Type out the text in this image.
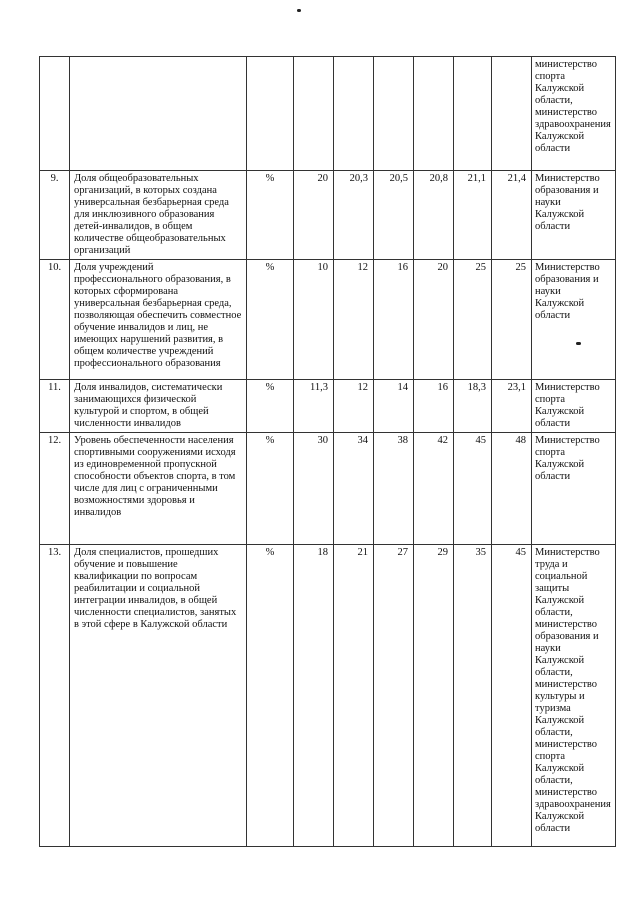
									министерство спорта Калужской области, министерство здравоохранения Калужской области
9.	Доля общеобразовательных организаций, в которых создана универсальная безбарьерная среда для инклюзивного образования детей-инвалидов, в общем количестве общеобразовательных организаций	%	20	20,3	20,5	20,8	21,1	21,4	Министерство образования и науки Калужской области
10.	Доля учреждений профессионального образования, в которых сформирована универсальная безбарьерная среда, позволяющая обеспечить совместное обучение инвалидов и лиц, не имеющих нарушений развития, в общем количестве учреждений профессионального образования	%	10	12	16	20	25	25	Министерство образования и науки Калужской области
11.	Доля инвалидов, систематически занимающихся физической культурой и спортом, в общей численности инвалидов	%	11,3	12	14	16	18,3	23,1	Министерство спорта Калужской области
12.	Уровень обеспеченности населения спортивными сооружениями исходя из единовременной пропускной способности объектов спорта, в том числе для лиц с ограниченными возможностями здоровья и инвалидов	%	30	34	38	42	45	48	Министерство спорта Калужской области
13.	Доля специалистов, прошедших обучение и повышение квалификации по вопросам реабилитации и социальной интеграции инвалидов, в общей численности специалистов, занятых в этой сфере в Калужской области	%	18	21	27	29	35	45	Министерство труда и социальной защиты Калужской области, министерство образования и науки Калужской области, министерство культуры и туризма Калужской области, министерство спорта Калужской области, министерство здравоохранения Калужской области
